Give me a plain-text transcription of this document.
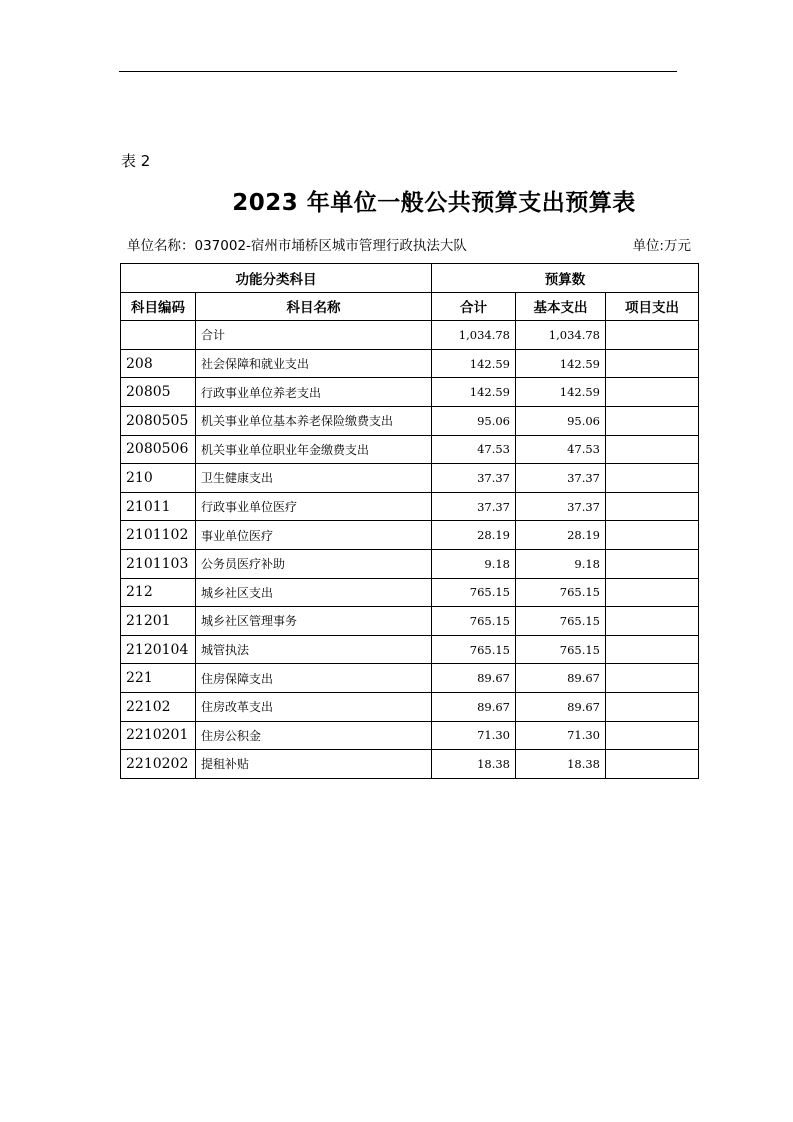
表 2
2023 年单位一般公共预算支出预算表
单位名称：037002-宿州市埇桥区城市管理行政执法大队	单位:万元
功能分类科目		预算数		
科目编码	科目名称	合计	基本支出	项目支出
	合计	1,034.78	1,034.78	
208	社会保障和就业支出	142.59	142.59	
20805	行政事业单位养老支出	142.59	142.59	
2080505	机关事业单位基本养老保险缴费支出	95.06	95.06	
2080506	机关事业单位职业年金缴费支出	47.53	47.53	
210	卫生健康支出	37.37	37.37	
21011	行政事业单位医疗	37.37	37.37	
2101102	事业单位医疗	28.19	28.19	
2101103	公务员医疗补助	9.18	9.18	
212	城乡社区支出	765.15	765.15	
21201	城乡社区管理事务	765.15	765.15	
2120104	城管执法	765.15	765.15	
221	住房保障支出	89.67	89.67	
22102	住房改革支出	89.67	89.67	
2210201	住房公积金	71.30	71.30	
2210202	提租补贴	18.38	18.38	
